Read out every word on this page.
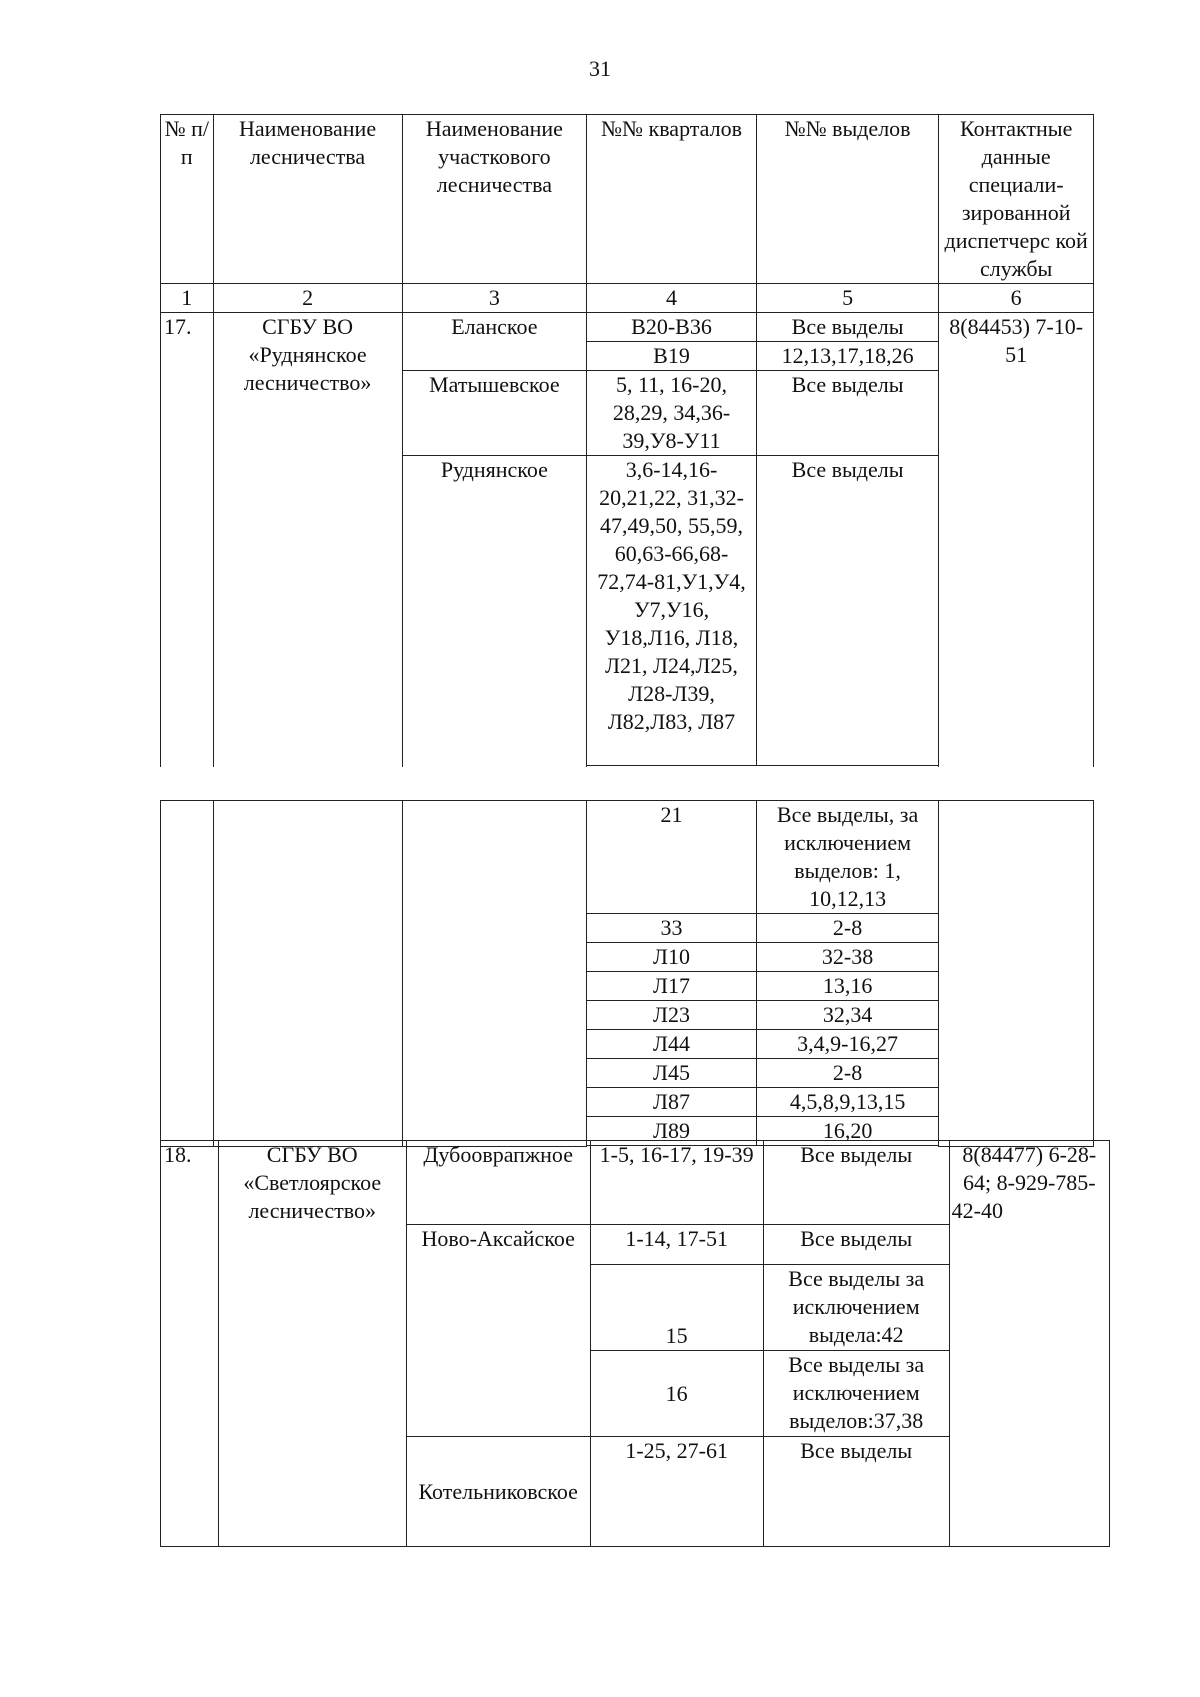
31
№ п/п	Наименование лесничества	Наименование участкового лесничества	№№ кварталов	№№ выделов	Контактные данные специали-зированной диспетчерс кой службы
1	2	3	4	5	6
17.	СГБУ ВО «Руднянское лесничество»	Еланское	В20-В36	Все выделы	8(84453) 7-10-51
			В19	12,13,17,18,26	
		Матышевское	5, 11, 16-20, 28,29, 34,36-39,У8-У11	Все выделы	
		Руднянское	3,6-14,16-20,21,22, 31,32-47,49,50, 55,59, 60,63-66,68-72,74-81,У1,У4, У7,У16, У18,Л16, Л18, Л21, Л24,Л25, Л28-Л39, Л82,Л83, Л87	Все выделы	

			21	Все выделы, за исключением выделов: 1, 10,12,13	
			33	2-8	
			Л10	32-38	
			Л17	13,16	
			Л23	32,34	
			Л44	3,4,9-16,27	
			Л45	2-8	
			Л87	4,5,8,9,13,15	
			Л89	16,20	

18.	СГБУ ВО «Светлоярское лесничество»	Дубооврапжное	1-5, 16-17, 19-39	Все выделы	8(84477) 6-28-64; 8-929-785-42-40
		Ново-Аксайское	1-14, 17-51	Все выделы	
			15	Все выделы за исключением выдела:42	
			16	Все выделы за исключением выделов:37,38	
		Котельниковское	1-25, 27-61	Все выделы	
